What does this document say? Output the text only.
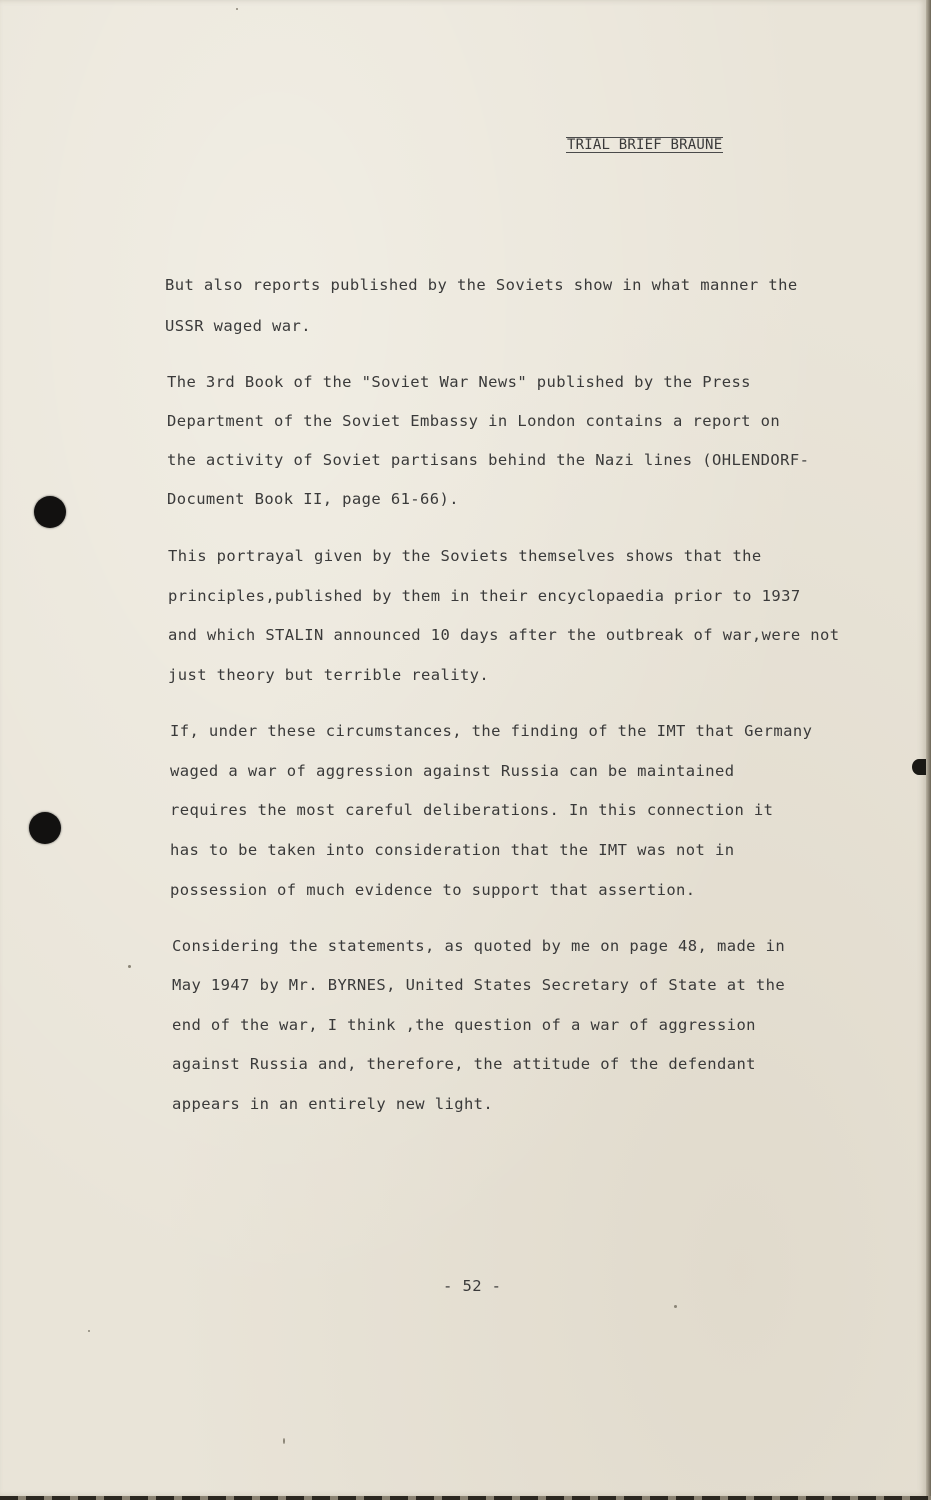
TRIAL BRIEF BRAUNE
But also reports published by the Soviets show in what manner the
USSR waged war.
The 3rd Book of the "Soviet War News" published by the Press
Department of the Soviet Embassy in London contains a report on
the activity of Soviet partisans behind the Nazi lines (OHLENDORF-
Document Book II, page 61-66).
This portrayal given by the Soviets themselves shows that the
principles,published by them in their encyclopaedia prior to 1937
and which STALIN announced 10 days after the outbreak of war,were not
just theory but terrible reality.
If, under these circumstances, the finding of the IMT that Germany
waged a war of aggression against Russia can be maintained
requires the most careful deliberations. In this connection it
has to be taken into consideration that the IMT was not in
possession of much evidence to support that assertion.
Considering the statements, as quoted by me on page 48, made in
May 1947 by Mr. BYRNES, United States Secretary of State at the
end of the war, I think ,the question of a war of aggression
against Russia and, therefore, the attitude of the defendant
appears in an entirely new light.
- 52 -
